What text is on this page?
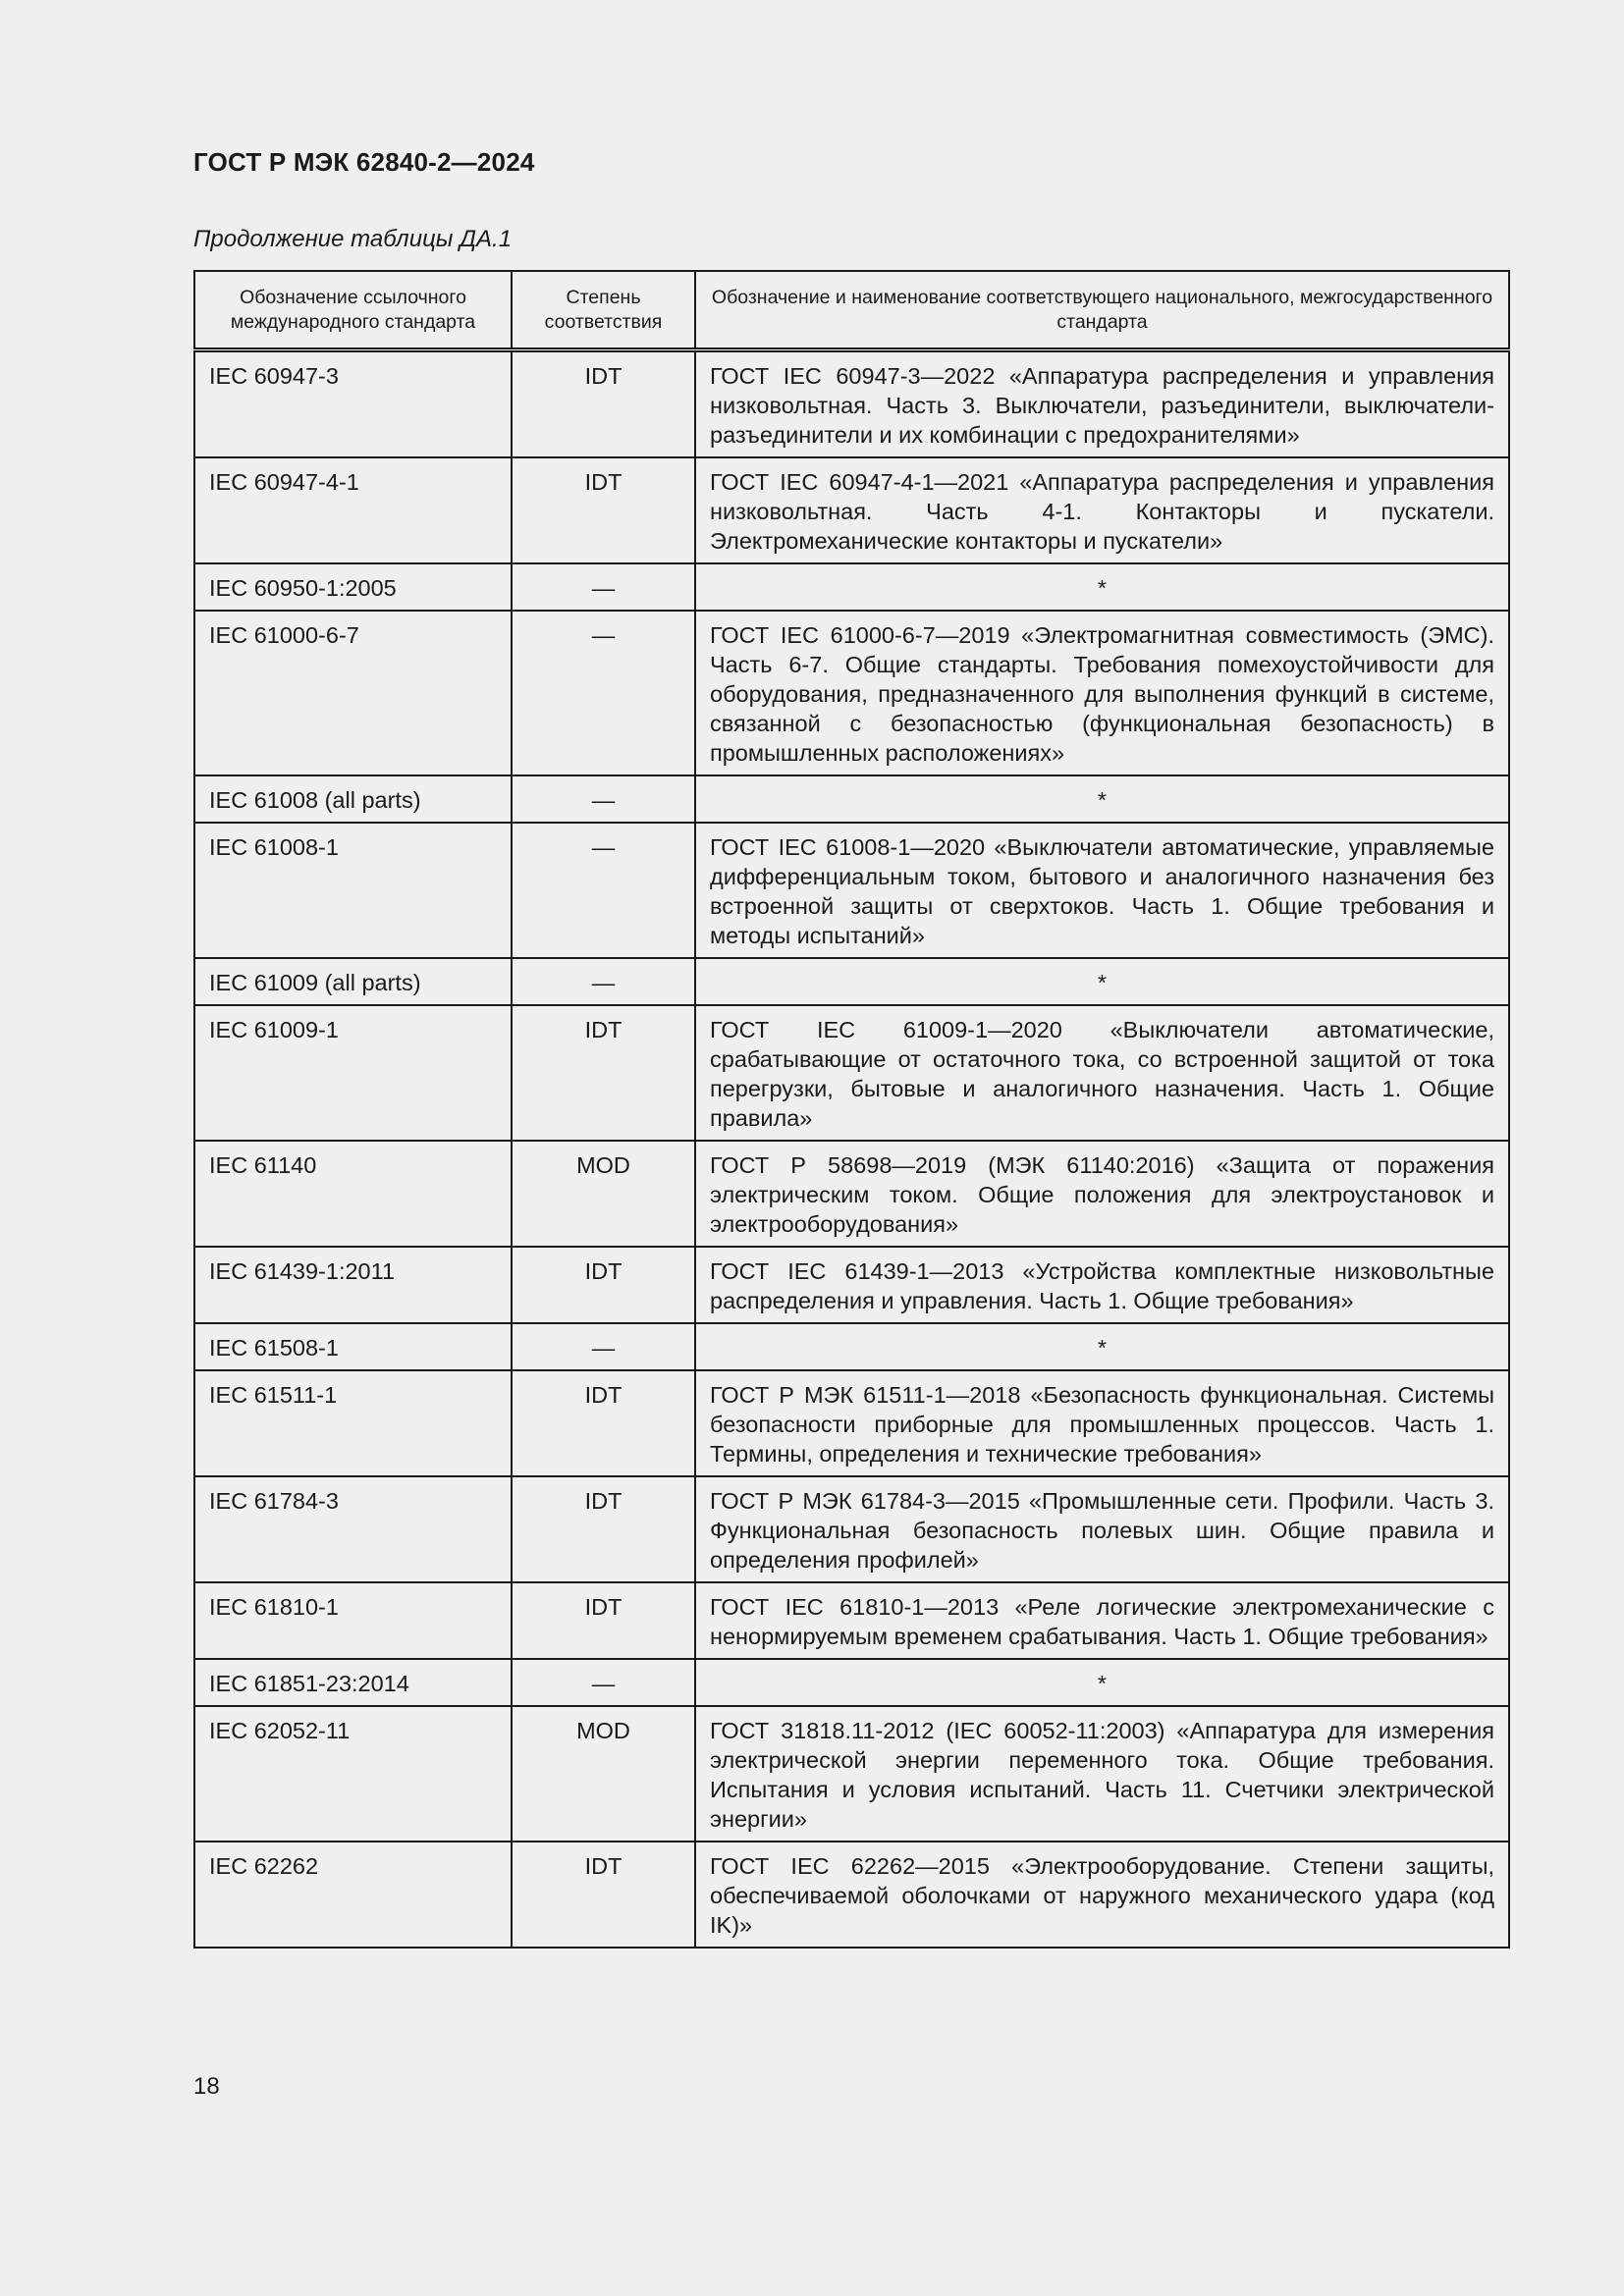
ГОСТ Р МЭК 62840-2—2024
Продолжение таблицы ДА.1
Обозначение ссылочного международного стандарта	Степень соответствия	Обозначение и наименование соответствующего национального, межгосударственного стандарта
IEC 60947-3	IDT	ГОСТ IEC 60947-3—2022 «Аппаратура распределения и управления низковольтная. Часть 3. Выключатели, разъединители, выключатели-разъединители и их комбинации с предохранителями»
IEC 60947-4-1	IDT	ГОСТ IEC 60947-4-1—2021 «Аппаратура распределения и управления низковольтная. Часть 4-1. Контакторы и пускатели. Электромеханические контакторы и пускатели»
IEC 60950-1:2005	—	*
IEC 61000-6-7	—	ГОСТ IEC 61000-6-7—2019 «Электромагнитная совместимость (ЭМС). Часть 6-7. Общие стандарты. Требования помехоустойчивости для оборудования, предназначенного для выполнения функций в системе, связанной с безопасностью (функциональная безопасность) в промышленных расположениях»
IEC 61008 (all parts)	—	*
IEC 61008-1	—	ГОСТ IEC 61008-1—2020 «Выключатели автоматические, управляемые дифференциальным током, бытового и аналогичного назначения без встроенной защиты от сверхтоков. Часть 1. Общие требования и методы испытаний»
IEC 61009 (all parts)	—	*
IEC 61009-1	IDT	ГОСТ IEC 61009-1—2020 «Выключатели автоматические, срабатывающие от остаточного тока, со встроенной защитой от тока перегрузки, бытовые и аналогичного назначения. Часть 1. Общие правила»
IEC 61140	MOD	ГОСТ Р 58698—2019 (МЭК 61140:2016) «Защита от поражения электрическим током. Общие положения для электроустановок и электрооборудования»
IEC 61439-1:2011	IDT	ГОСТ IEC 61439-1—2013 «Устройства комплектные низковольтные распределения и управления. Часть 1. Общие требования»
IEC 61508-1	—	*
IEC 61511-1	IDT	ГОСТ Р МЭК 61511-1—2018 «Безопасность функциональная. Системы безопасности приборные для промышленных процессов. Часть 1. Термины, определения и технические требования»
IEC 61784-3	IDT	ГОСТ Р МЭК 61784-3—2015 «Промышленные сети. Профили. Часть 3. Функциональная безопасность полевых шин. Общие правила и определения профилей»
IEC 61810-1	IDT	ГОСТ IEC 61810-1—2013 «Реле логические электромеханические с ненормируемым временем срабатывания. Часть 1. Общие требования»
IEC 61851-23:2014	—	*
IEC 62052-11	MOD	ГОСТ 31818.11-2012 (IEC 60052-11:2003) «Аппаратура для измерения электрической энергии переменного тока. Общие требования. Испытания и условия испытаний. Часть 11. Счетчики электрической энергии»
IEC 62262	IDT	ГОСТ IEC 62262—2015 «Электрооборудование. Степени защиты, обеспечиваемой оболочками от наружного механического удара (код IK)»
18
